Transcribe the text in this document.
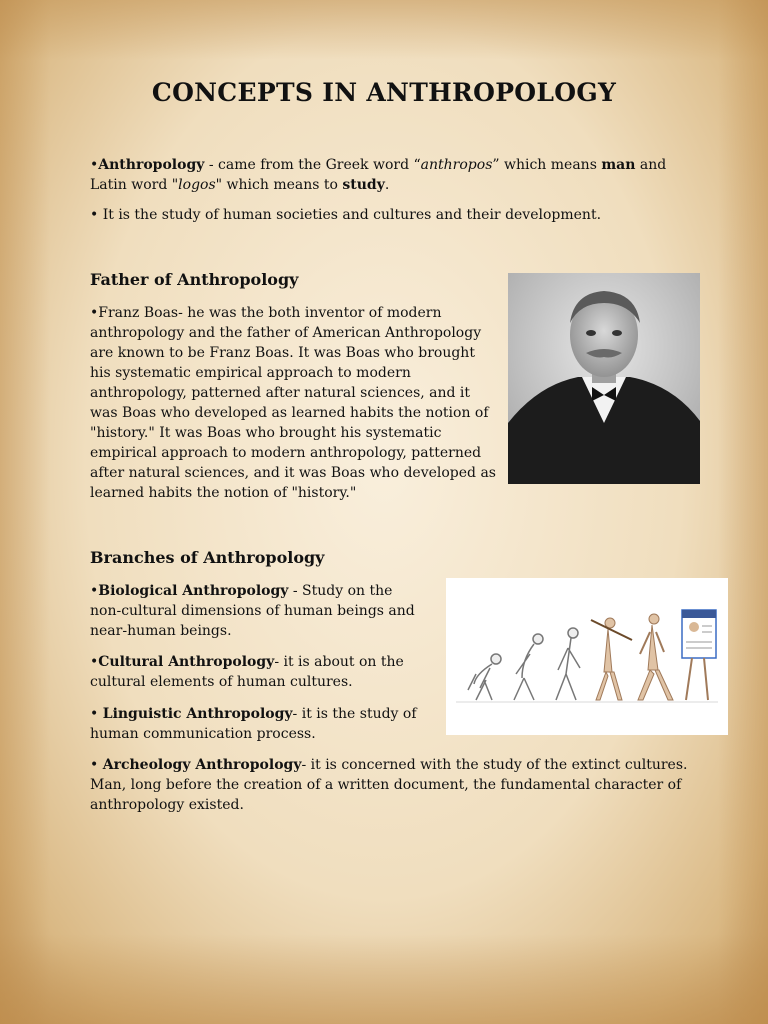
CONCEPTS IN ANTHROPOLOGY

•Anthropology - came from the Greek word “anthropos” which means man and Latin word "logos" which means to study.

• It is the study of human societies and cultures and their development.

Father of Anthropology

•Franz Boas- he was the both inventor of modern anthropology and the father of American Anthropology are known to be Franz Boas. It was Boas who brought his systematic empirical approach to modern anthropology, patterned after natural sciences, and it was Boas who developed as learned habits the notion of "history." It was Boas who brought his systematic empirical approach to modern anthropology, patterned after natural sciences, and it was Boas who developed as learned habits the notion of "history."

Branches of Anthropology

•Biological Anthropology - Study on the non-cultural dimensions of human beings and near-human beings.

•Cultural Anthropology- it is about on the cultural elements of human cultures.

• Linguistic Anthropology- it is the study of human communication process.

• Archeology Anthropology- it is concerned with the study of the extinct cultures. Man, long before the creation of a written document, the fundamental character of anthropology existed.
